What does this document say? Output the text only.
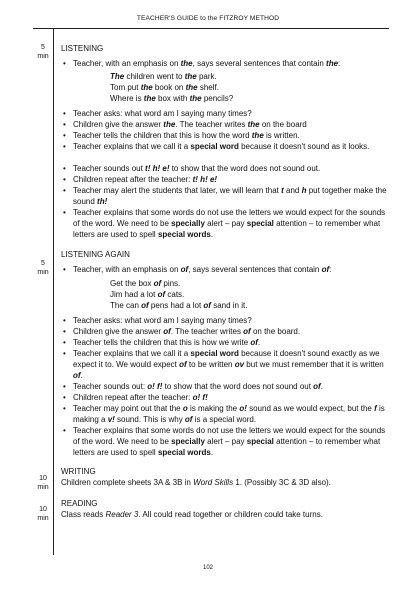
TEACHER'S GUIDE to the FITZROY METHOD
5
min
LISTENING
• Teacher, with an emphasis on the, says several sentences that contain the:
The children went to the park.
Tom put the book on the shelf.
Where is the box with the pencils?
• Teacher asks: what word am I saying many times?
• Children give the answer the. The teacher writes the on the board
• Teacher tells the children that this is how the word the is written.
• Teacher explains that we call it a special word because it doesn't sound as it looks.
• Teacher sounds out t! h! e! to show that the word does not sound out.
• Children repeat after the teacher: t! h! e!
• Teacher may alert the students that later, we will learn that t and h put together make the sound th!
• Teacher explains that some words do not use the letters we would expect for the sounds of the word. We need to be specially alert – pay special attention – to remember what letters are used to spell special words.
5
min
LISTENING AGAIN
• Teacher, with an emphasis on of, says several sentences that contain of:
Get the box of pins.
Jim had a lot of cats.
The can of pens had a lot of sand in it.
• Teacher asks: what word am I saying many times?
• Children give the answer of. The teacher writes of on the board.
• Teacher tells the children that this is how we write of.
• Teacher explains that we call it a special word because it doesn't sound exactly as we expect it to. We would expect of to be written ov but we must remember that it is written of.
• Teacher sounds out: o! f! to show that the word does not sound out of.
• Children repeat after the teacher: o! f!
• Teacher may point out that the o is making the o! sound as we would expect, but the f is making a v! sound. This is why of is a special word.
• Teacher explains that some words do not use the letters we would expect for the sounds of the word. We need to be specially alert – pay special attention – to remember what letters are used to spell special words.
10
min
WRITING
Children complete sheets 3A & 3B in Word Skills 1. (Possibly 3C & 3D also).
10
min
READING
Class reads Reader 3. All could read together or children could take turns.
102
